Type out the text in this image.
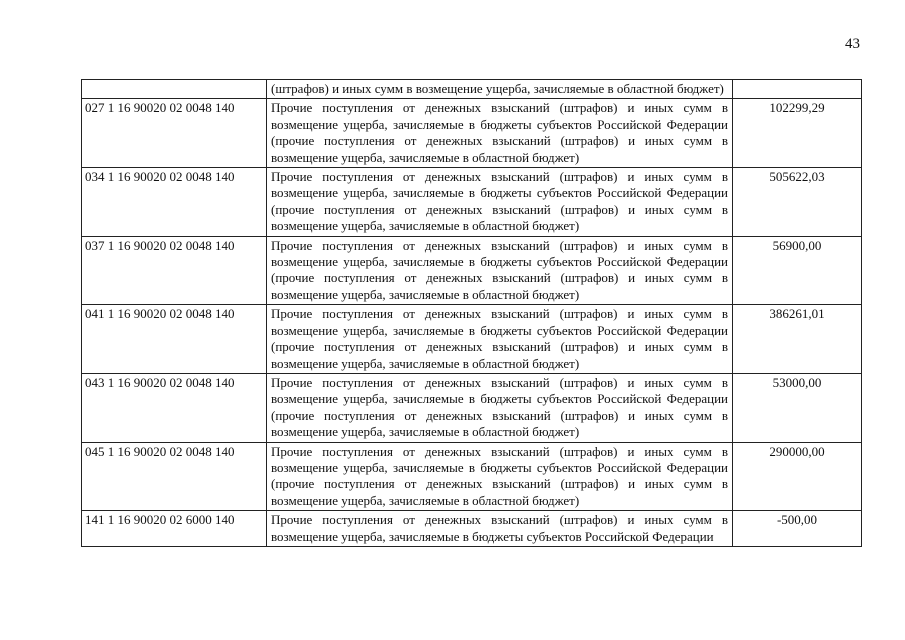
43
	(штрафов) и иных сумм в возмещение ущерба, зачисляемые в областной бюджет)	
027 1 16 90020 02 0048 140	Прочие поступления от денежных взысканий (штрафов) и иных сумм в возмещение ущерба, зачисляемые в бюджеты субъектов Российской Федерации (прочие поступления от денежных взысканий (штрафов) и иных сумм в возмещение ущерба, зачисляемые в областной бюджет)	102299,29
034 1 16 90020 02 0048 140	Прочие поступления от денежных взысканий (штрафов) и иных сумм в возмещение ущерба, зачисляемые в бюджеты субъектов Российской Федерации (прочие поступления от денежных взысканий (штрафов) и иных сумм в возмещение ущерба, зачисляемые в областной бюджет)	505622,03
037 1 16 90020 02 0048 140	Прочие поступления от денежных взысканий (штрафов) и иных сумм в возмещение ущерба, зачисляемые в бюджеты субъектов Российской Федерации (прочие поступления от денежных взысканий (штрафов) и иных сумм в возмещение ущерба, зачисляемые в областной бюджет)	56900,00
041 1 16 90020 02 0048 140	Прочие поступления от денежных взысканий (штрафов) и иных сумм в возмещение ущерба, зачисляемые в бюджеты субъектов Российской Федерации (прочие поступления от денежных взысканий (штрафов) и иных сумм в возмещение ущерба, зачисляемые в областной бюджет)	386261,01
043 1 16 90020 02 0048 140	Прочие поступления от денежных взысканий (штрафов) и иных сумм в возмещение ущерба, зачисляемые в бюджеты субъектов Российской Федерации (прочие поступления от денежных взысканий (штрафов) и иных сумм в возмещение ущерба, зачисляемые в областной бюджет)	53000,00
045 1 16 90020 02 0048 140	Прочие поступления от денежных взысканий (штрафов) и иных сумм в возмещение ущерба, зачисляемые в бюджеты субъектов Российской Федерации (прочие поступления от денежных взысканий (штрафов) и иных сумм в возмещение ущерба, зачисляемые в областной бюджет)	290000,00
141 1 16 90020 02 6000 140	Прочие поступления от денежных взысканий (штрафов) и иных сумм в возмещение ущерба, зачисляемые в бюджеты субъектов Российской Федерации	-500,00
